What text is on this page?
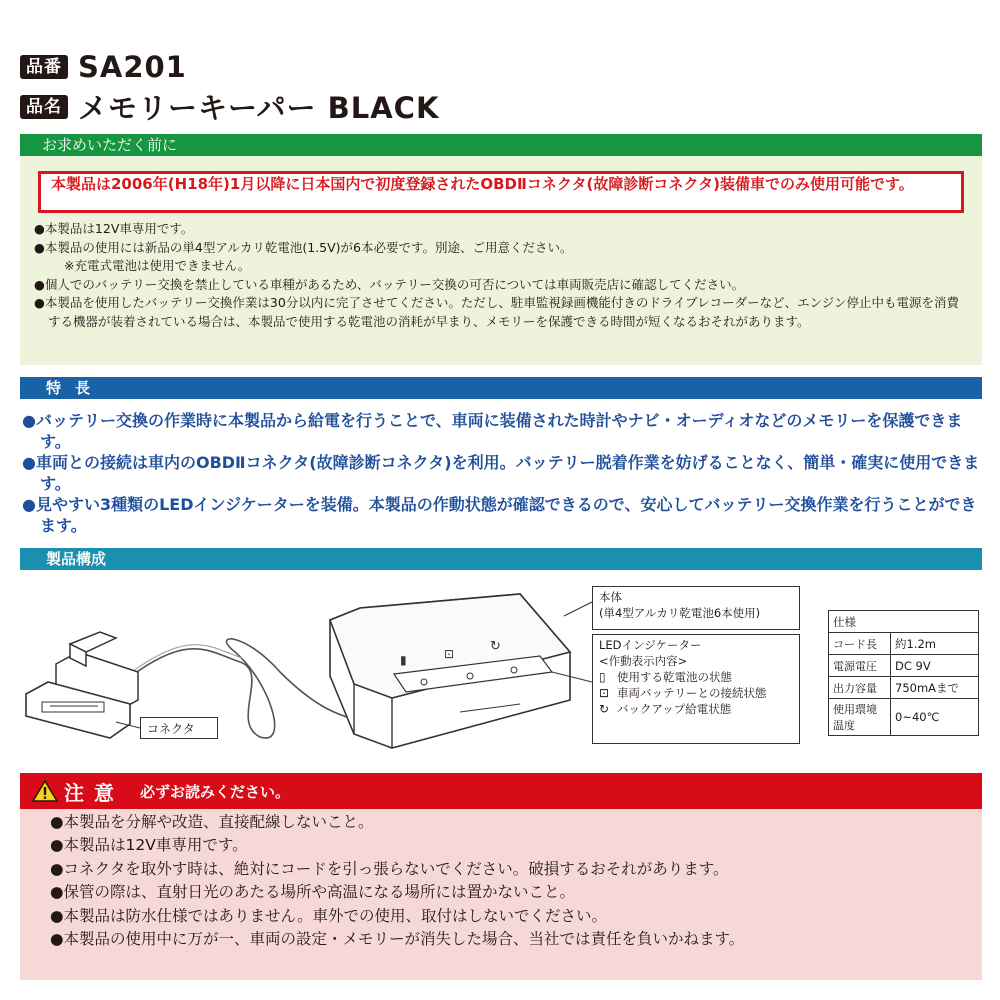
品番 SA201
品名 メモリーキーパー BLACK
お求めいただく前に
本製品は2006年(H18年)1月以降に日本国内で初度登録されたOBDⅡコネクタ(故障診断コネクタ)装備車でのみ使用可能です。
●本製品は12V車専用です。
●本製品の使用には新品の単4型アルカリ乾電池(1.5V)が6本必要です。別途、ご用意ください。
※充電式電池は使用できません。
●個人でのバッテリー交換を禁止している車種があるため、バッテリー交換の可否については車両販売店に確認してください。
●本製品を使用したバッテリー交換作業は30分以内に完了させてください。ただし、駐車監視録画機能付きのドライブレコーダーなど、エンジン停止中も電源を消費する機器が装着されている場合は、本製品で使用する乾電池の消耗が早まり、メモリーを保護できる時間が短くなるおそれがあります。
特長
●バッテリー交換の作業時に本製品から給電を行うことで、車両に装備された時計やナビ・オーディオなどのメモリーを保護できます。
●車両との接続は車内のOBDⅡコネクタ(故障診断コネクタ)を利用。バッテリー脱着作業を妨げることなく、簡単・確実に使用できます。
●見やすい3種類のLEDインジケーターを装備。本製品の作動状態が確認できるので、安心してバッテリー交換作業を行うことができます。
製品構成
▮	⊡	↻
本体
(単4型アルカリ乾電池6本使用)
LEDインジケーター
<作動表示内容>
▯ 使用する乾電池の状態
⊡ 車両バッテリーとの接続状態
↻ バックアップ給電状態
コネクタ
仕様	
コード長	約1.2m
電源電圧	DC 9V
出力容量	750mAまで
使用環境温度	0~40℃
注意 必ずお読みください。
●本製品を分解や改造、直接配線しないこと。
●本製品は12V車専用です。
●コネクタを取外す時は、絶対にコードを引っ張らないでください。破損するおそれがあります。
●保管の際は、直射日光のあたる場所や高温になる場所には置かないこと。
●本製品は防水仕様ではありません。車外での使用、取付はしないでください。
●本製品の使用中に万が一、車両の設定・メモリーが消失した場合、当社では責任を負いかねます。
